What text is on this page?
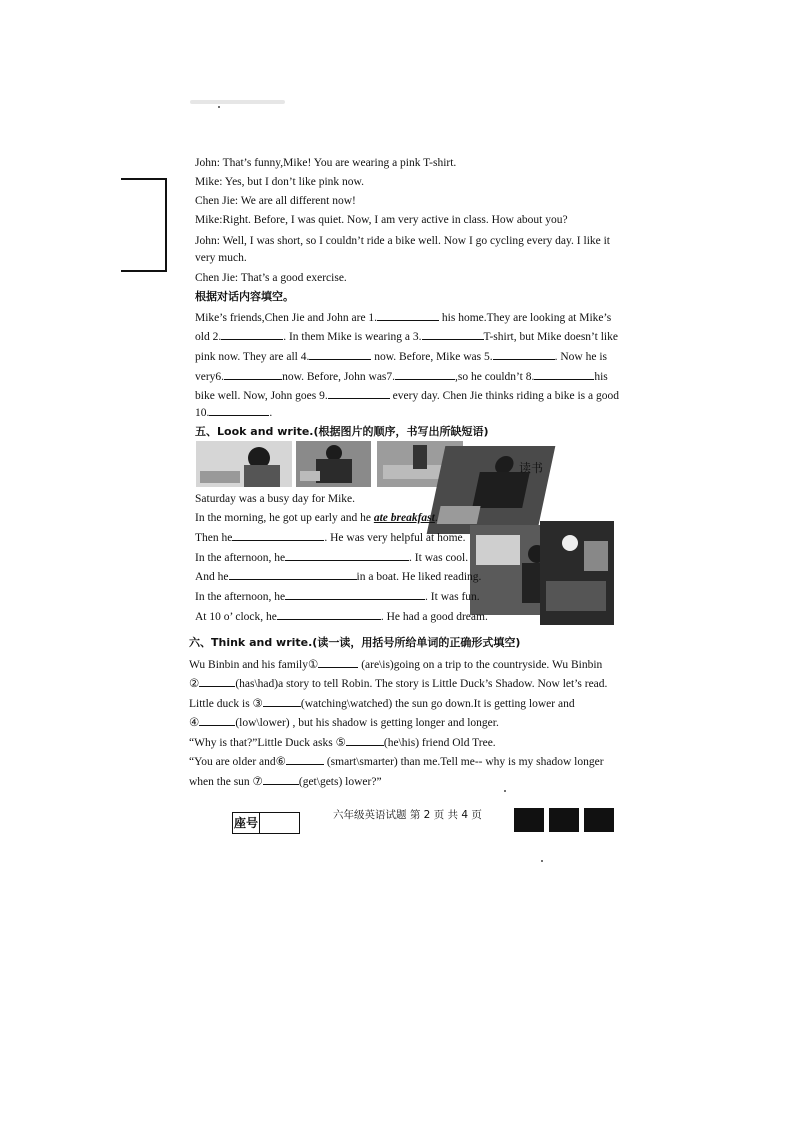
John: That’s funny,Mike! You are wearing a pink T-shirt.
Mike: Yes, but I don’t like pink now.
Chen Jie: We are all different now!
Mike:Right. Before, I was quiet. Now, I am very active in class. How about you?
John: Well, I was short, so I couldn’t ride a bike well. Now I go cycling every day. I like it
very much.
Chen Jie: That’s a good exercise.
根据对话内容填空。
Mike’s friends,Chen Jie and John are 1.	his home.They are looking at Mike’s
old 2.	. In them Mike is wearing a 3.	T-shirt, but Mike doesn’t like
pink now. They are all 4.	now. Before, Mike was 5.	. Now he is
very6.	now. Before, John was7.	,so he couldn’t 8.	his
bike well. Now, John goes 9.	every day. Chen Jie thinks riding a bike is a good
10.	.
五、Look and write.(根据图片的顺序，书写出所缺短语)
读书
Saturday was a busy day for Mike.
In the morning, he got up early and he ate breakfast.
Then he	. He was very helpful at home.
In the afternoon, he	. It was cool.
And he	in a boat. He liked reading.
In the afternoon, he	. It was fun.
At 10 o’ clock, he	. He had a good dream.
六、Think and write.(读一读，用括号所给单词的正确形式填空)
Wu Binbin and his family①	(are\is)going on a trip to the countryside. Wu Binbin
②	(has\had)a story to tell Robin. The story is Little Duck’s Shadow. Now let’s read.
Little duck is ③	(watching\watched) the sun go down.It is getting lower and
④	(low\lower) , but his shadow is getting longer and longer.
“Why is that?”Little Duck asks ⑤	(he\his) friend Old Tree.
“You are older and⑥	(smart\smarter) than me.Tell me-- why is my shadow longer
when the sun ⑦	(get\gets) lower?”
座号
六年级英语试题 第 2 页 共 4 页
